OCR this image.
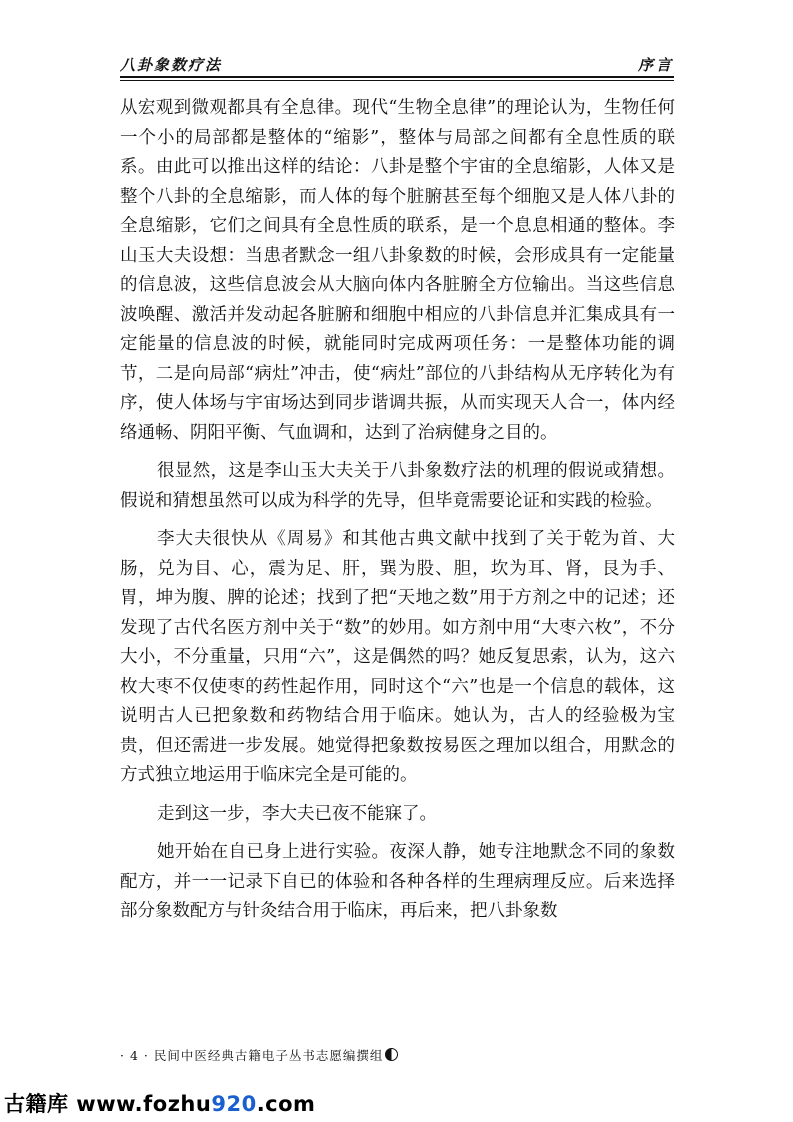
八卦象数疗法	序言

从宏观到微观都具有全息律。现代“生物全息律”的理论认为，生物任何一个小的局部都是整体的“缩影”，整体与局部之间都有全息性质的联系。由此可以推出这样的结论：八卦是整个宇宙的全息缩影，人体又是整个八卦的全息缩影，而人体的每个脏腑甚至每个细胞又是人体八卦的全息缩影，它们之间具有全息性质的联系，是一个息息相通的整体。李山玉大夫设想：当患者默念一组八卦象数的时候，会形成具有一定能量的信息波，这些信息波会从大脑向体内各脏腑全方位输出。当这些信息波唤醒、激活并发动起各脏腑和细胞中相应的八卦信息并汇集成具有一定能量的信息波的时候，就能同时完成两项任务：一是整体功能的调节，二是向局部“病灶”冲击，使“病灶”部位的八卦结构从无序转化为有序，使人体场与宇宙场达到同步谐调共振，从而实现天人合一，体内经络通畅、阴阳平衡、气血调和，达到了治病健身之目的。

很显然，这是李山玉大夫关于八卦象数疗法的机理的假说或猜想。假说和猜想虽然可以成为科学的先导，但毕竟需要论证和实践的检验。

李大夫很快从《周易》和其他古典文献中找到了关于乾为首、大肠，兑为目、心，震为足、肝，巽为股、胆，坎为耳、肾，艮为手、胃，坤为腹、脾的论述；找到了把“天地之数”用于方剂之中的记述；还发现了古代名医方剂中关于“数”的妙用。如方剂中用“大枣六枚”，不分大小，不分重量，只用“六”，这是偶然的吗？她反复思索，认为，这六枚大枣不仅使枣的药性起作用，同时这个“六”也是一个信息的载体，这说明古人已把象数和药物结合用于临床。她认为，古人的经验极为宝贵，但还需进一步发展。她觉得把象数按易医之理加以组合，用默念的方式独立地运用于临床完全是可能的。

走到这一步，李大夫已夜不能寐了。

她开始在自已身上进行实验。夜深人静，她专注地默念不同的象数配方，并一一记录下自已的体验和各种各样的生理病理反应。后来选择部分象数配方与针灸结合用于临床，再后来，把八卦象数

· 4 · 民间中医经典古籍电子丛书志愿编撰组
古籍库 www.fozhu920.com
